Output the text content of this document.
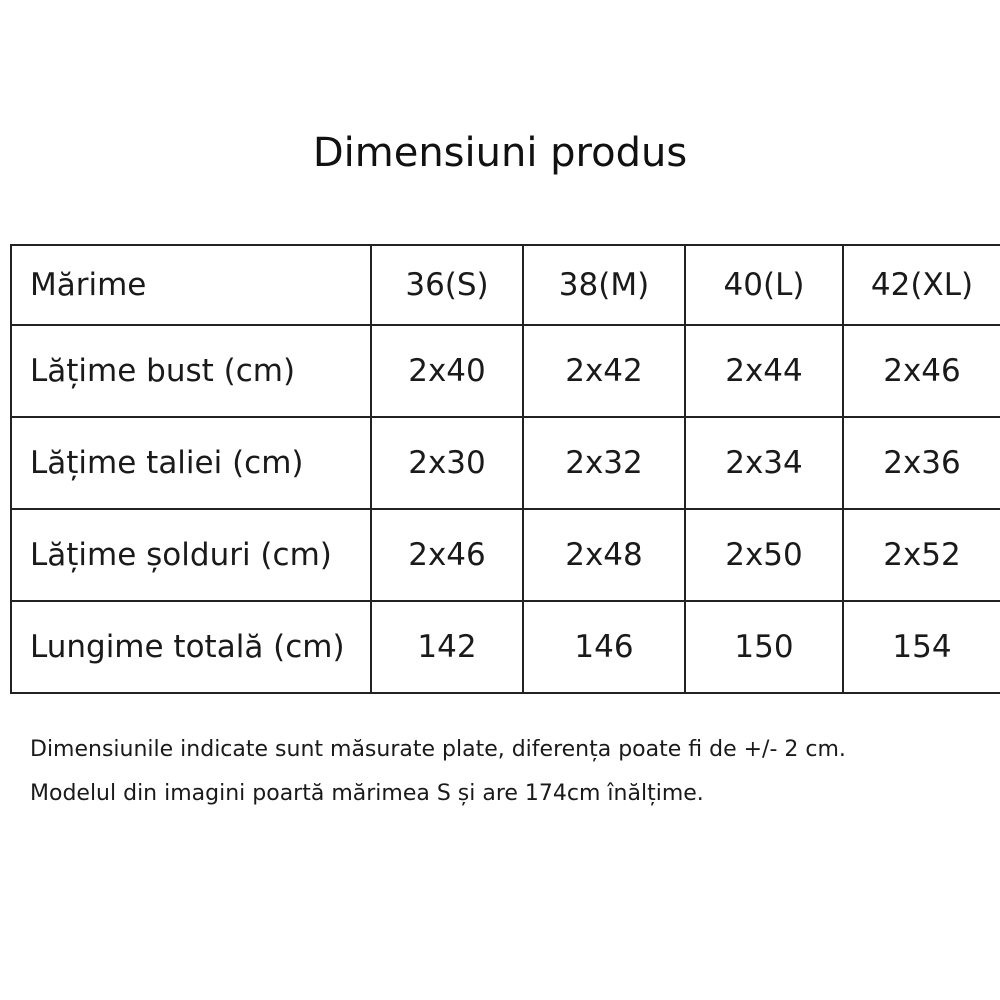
Dimensiuni produs
Mărime	36(S)	38(M)	40(L)	42(XL)
Lățime bust (cm)	2x40	2x42	2x44	2x46
Lățime taliei (cm)	2x30	2x32	2x34	2x36
Lățime șolduri (cm)	2x46	2x48	2x50	2x52
Lungime totală (cm)	142	146	150	154

Dimensiunile indicate sunt măsurate plate, diferența poate fi de +/- 2 cm.

Modelul din imagini poartă mărimea S și are 174cm înălțime.
